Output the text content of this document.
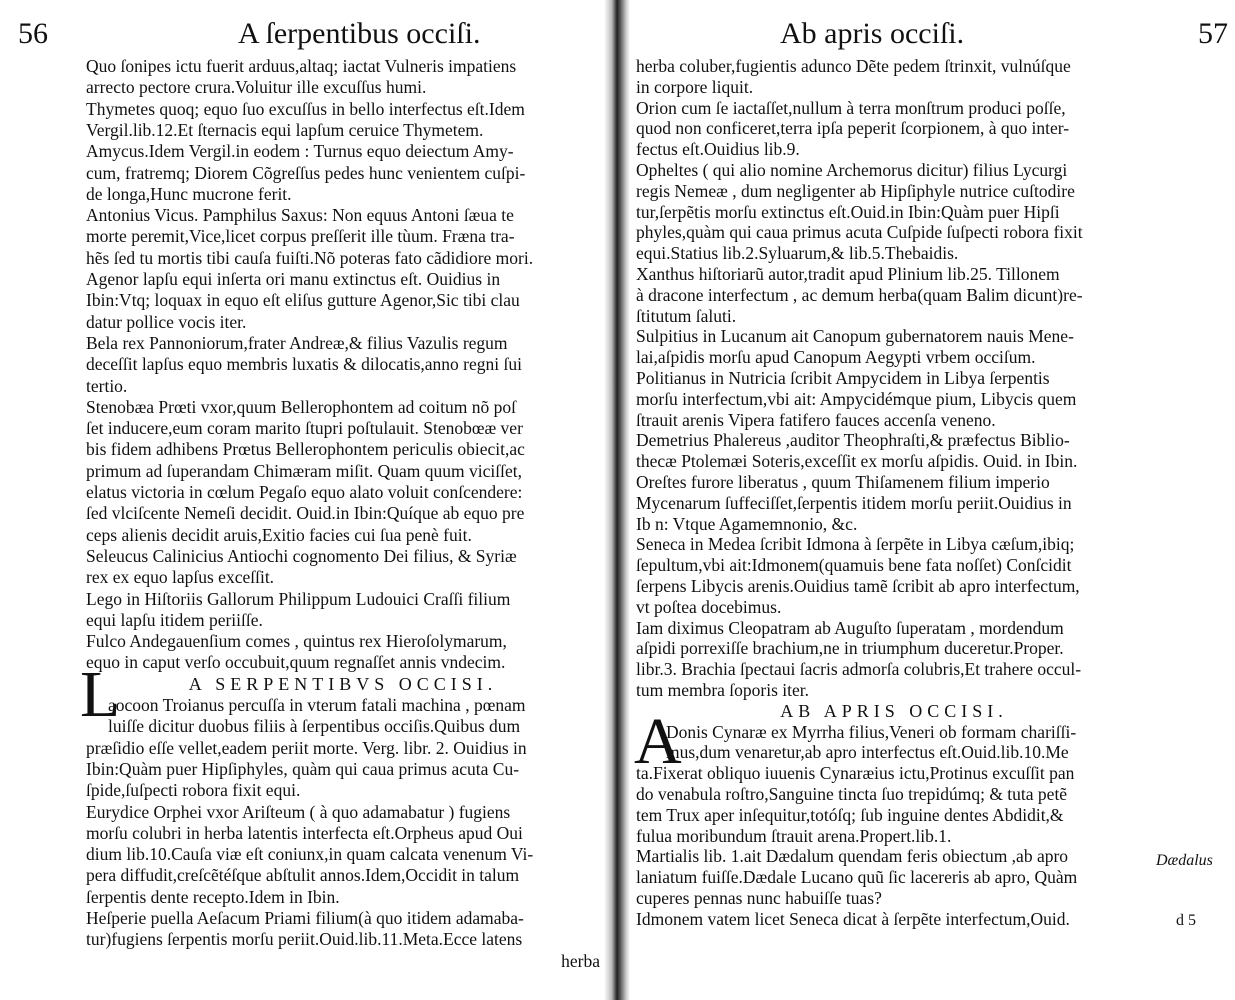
56	A ſerpentibus occiſi.
Quo ſonipes ictu fuerit arduus,altaq; iactat Vulneris impatiens
arrecto pectore crura.Voluitur ille excuſſus humi.
Thymetes quoq; equo ſuo excuſſus in bello interfectus eſt.Idem
Vergil.lib.12.Et ſternacis equi lapſum ceruice Thymetem.
Amycus.Idem Vergil.in eodem : Turnus equo deiectum Amy-
cum, fratremq; Diorem Cõgreſſus pedes hunc venientem cuſpi-
de longa,Hunc mucrone ferit.
Antonius Vicus. Pamphilus Saxus: Non equus Antoni ſæua te
morte peremit,Vice,licet corpus preſſerit ille tùum. Fræna tra-
hẽs ſed tu mortis tibi cauſa fuiſti.Nõ poteras fato cãdidiore mori.
Agenor lapſu equi inſerta ori manu extinctus eſt. Ouidius in
Ibin:Vtq; loquax in equo eſt eliſus gutture Agenor,Sic tibi clau
datur pollice vocis iter.
Bela rex Pannoniorum,frater Andreæ,& filius Vazulis regum
deceſſit lapſus equo membris luxatis & dilocatis,anno regni ſui
tertio.
Stenobæa Prœti vxor,quum Bellerophontem ad coitum nõ poſ
ſet inducere,eum coram marito ſtupri poſtulauit. Stenobœæ ver
bis fidem adhibens Prœtus Bellerophontem periculis obiecit,ac
primum ad ſuperandam Chimæram miſit. Quam quum viciſſet,
elatus victoria in cœlum Pegaſo equo alato voluit conſcendere:
ſed vlciſcente Nemeſi decidit. Ouid.in Ibin:Quíque ab equo pre
ceps alienis decidit aruis,Exitio facies cui ſua penè fuit.
Seleucus Calinicius Antiochi cognomento Dei filius, & Syriæ
rex ex equo lapſus exceſſit.
Lego in Hiſtoriis Gallorum Philippum Ludouici Craſſi filium
equi lapſu itidem periiſſe.
Fulco Andegauenſium comes , quintus rex Hieroſolymarum,
equo in caput verſo occubuit,quum regnaſſet annis vndecim.
A SERPENTIBVS OCCISI.
aocoon Troianus percuſſa in vterum fatali machina , pœnam
luiſſe dicitur duobus filiis à ſerpentibus occiſis.Quibus dum
præſidio eſſe vellet,eadem periit morte. Verg. libr. 2. Ouidius in
Ibin:Quàm puer Hipſiphyles, quàm qui caua primus acuta Cu-
ſpide,ſuſpecti robora fixit equi.
Eurydice Orphei vxor Ariſteum ( à quo adamabatur ) fugiens
morſu colubri in herba latentis interfecta eſt.Orpheus apud Oui
dium lib.10.Cauſa viæ eſt coniunx,in quam calcata venenum Vi-
pera diffudit,creſcẽtéſque abſtulit annos.Idem,Occidit in talum
ſerpentis dente recepto.Idem in Ibin.
Heſperie puella Aeſacum Priami filium(à quo itidem adamaba-
tur)fugiens ſerpentis morſu periit.Ouid.lib.11.Meta.Ecce latens
herba
L
Ab apris occiſi.	57
herba coluber,fugientis adunco Dẽte pedem ſtrinxit, vulnúſque
in corpore liquit.
Orion cum ſe iactaſſet,nullum à terra monſtrum produci poſſe,
quod non conficeret,terra ipſa peperit ſcorpionem, à quo inter-
fectus eſt.Ouidius lib.9.
Opheltes ( qui alio nomine Archemorus dicitur) filius Lycurgi
regis Nemeæ , dum negligenter ab Hipſiphyle nutrice cuſtodire
tur,ſerpẽtis morſu extinctus eſt.Ouid.in Ibin:Quàm puer Hipſi
phyles,quàm qui caua primus acuta Cuſpide ſuſpecti robora fixit
equi.Statius lib.2.Syluarum,& lib.5.Thebaidis.
Xanthus hiſtoriarũ autor,tradit apud Plinium lib.25. Tillonem
à dracone interfectum , ac demum herba(quam Balim dicunt)re-
ſtitutum ſaluti.
Sulpitius in Lucanum ait Canopum gubernatorem nauis Mene-
lai,aſpidis morſu apud Canopum Aegypti vrbem occiſum.
Politianus in Nutricia ſcribit Ampycidem in Libya ſerpentis
morſu interfectum,vbi ait: Ampycidémque pium, Libycis quem
ſtrauit arenis Vipera fatifero fauces accenſa veneno.
Demetrius Phalereus ,auditor Theophraſti,& præfectus Biblio-
thecæ Ptolemæi Soteris,exceſſit ex morſu aſpidis. Ouid. in Ibin.
Oreſtes furore liberatus , quum Thiſamenem filium imperio
Mycenarum ſuffeciſſet,ſerpentis itidem morſu periit.Ouidius in
Ib n: Vtque Agamemnonio, &c.
Seneca in Medea ſcribit Idmona à ſerpẽte in Libya cæſum,ibiq;
ſepultum,vbi ait:Idmonem(quamuis bene fata noſſet) Conſcidit
ſerpens Libycis arenis.Ouidius tamẽ ſcribit ab apro interfectum,
vt poſtea docebimus.
Iam diximus Cleopatram ab Auguſto ſuperatam , mordendum
aſpidi porrexiſſe brachium,ne in triumphum duceretur.Proper.
libr.3. Brachia ſpectaui ſacris admorſa colubris,Et trahere occul-
tum membra ſoporis iter.
AB APRIS OCCISI.
Donis Cynaræ ex Myrrha filius,Veneri ob formam chariſſi-
mus,dum venaretur,ab apro interfectus eſt.Ouid.lib.10.Me
ta.Fixerat obliquo iuuenis Cynaræius ictu,Protinus excuſſit pan
do venabula roſtro,Sanguine tincta ſuo trepidúmq; & tuta petẽ
tem Trux aper inſequitur,totóſq; ſub inguine dentes Abdidit,&
fulua moribundum ſtrauit arena.Propert.lib.1.
Martialis lib. 1.ait Dædalum quendam feris obiectum ,ab apro
laniatum fuiſſe.Dædale Lucano quũ ſic lacereris ab apro, Quàm
cuperes pennas nunc habuiſſe tuas?
Idmonem vatem licet Seneca dicat à ſerpẽte interfectum,Ouid.
A
Dædalus
d 5
